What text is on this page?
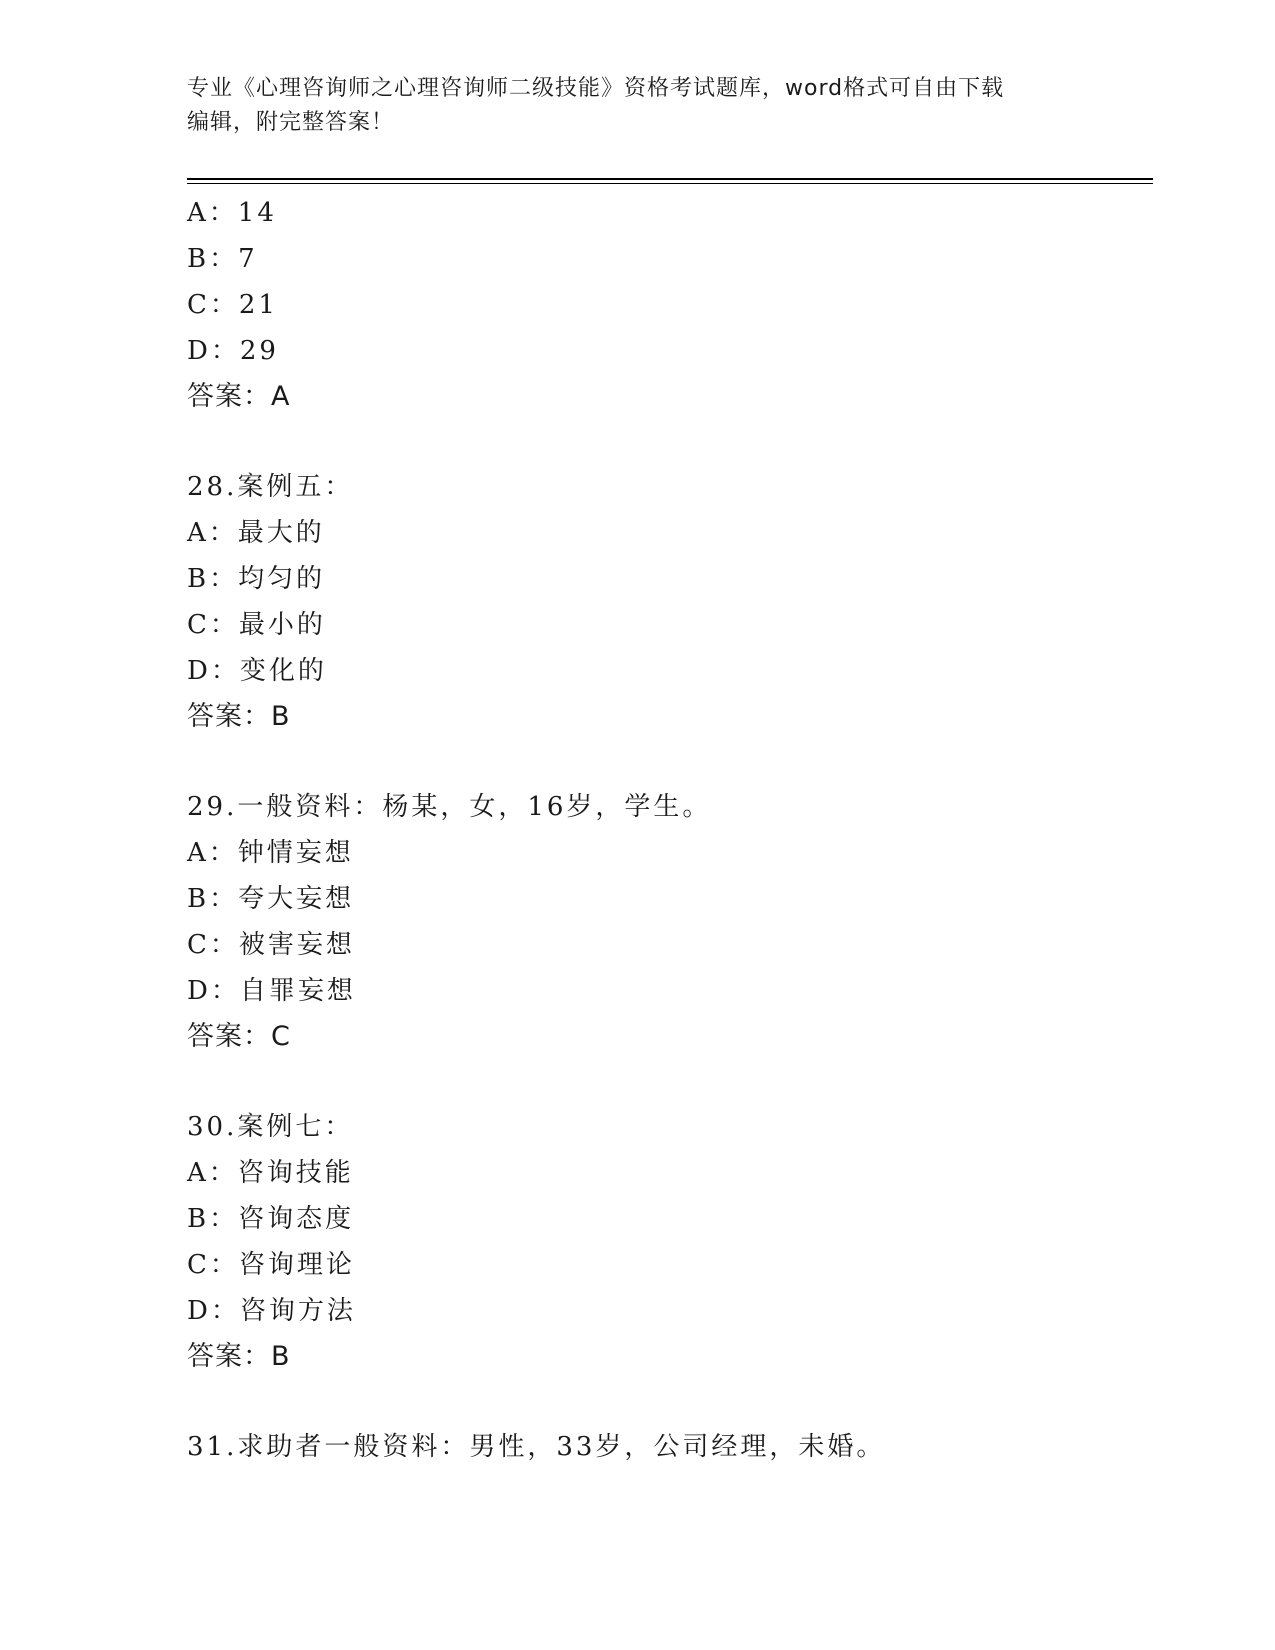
专业《心理咨询师之心理咨询师二级技能》资格考试题库，word格式可自由下载
编辑，附完整答案！
A：14
B：7
C：21
D：29
答案：A
28.案例五：
A：最大的
B：均匀的
C：最小的
D：变化的
答案：B
29.一般资料：杨某，女，16岁，学生。
A：钟情妄想
B：夸大妄想
C：被害妄想
D：自罪妄想
答案：C
30.案例七：
A：咨询技能
B：咨询态度
C：咨询理论
D：咨询方法
答案：B
31.求助者一般资料：男性，33岁，公司经理，未婚。
